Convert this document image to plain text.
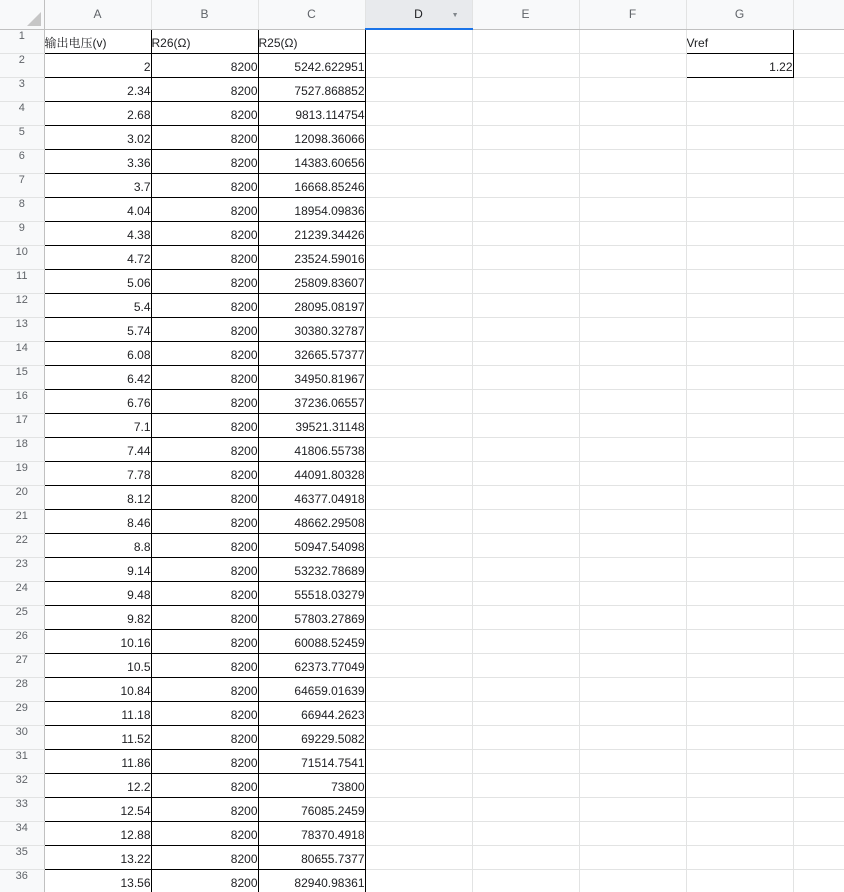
	A	B	C	D ▼	E	F	G	
1	输出电压(v)	R26(Ω)	R25(Ω)				Vref	
2	2	8200	5242.622951				1.22	
3	2.34	8200	7527.868852					
4	2.68	8200	9813.114754					
5	3.02	8200	12098.36066					
6	3.36	8200	14383.60656					
7	3.7	8200	16668.85246					
8	4.04	8200	18954.09836					
9	4.38	8200	21239.34426					
10	4.72	8200	23524.59016					
11	5.06	8200	25809.83607					
12	5.4	8200	28095.08197					
13	5.74	8200	30380.32787					
14	6.08	8200	32665.57377					
15	6.42	8200	34950.81967					
16	6.76	8200	37236.06557					
17	7.1	8200	39521.31148					
18	7.44	8200	41806.55738					
19	7.78	8200	44091.80328					
20	8.12	8200	46377.04918					
21	8.46	8200	48662.29508					
22	8.8	8200	50947.54098					
23	9.14	8200	53232.78689					
24	9.48	8200	55518.03279					
25	9.82	8200	57803.27869					
26	10.16	8200	60088.52459					
27	10.5	8200	62373.77049					
28	10.84	8200	64659.01639					
29	11.18	8200	66944.2623					
30	11.52	8200	69229.5082					
31	11.86	8200	71514.7541					
32	12.2	8200	73800					
33	12.54	8200	76085.2459					
34	12.88	8200	78370.4918					
35	13.22	8200	80655.7377					
36	13.56	8200	82940.98361					
